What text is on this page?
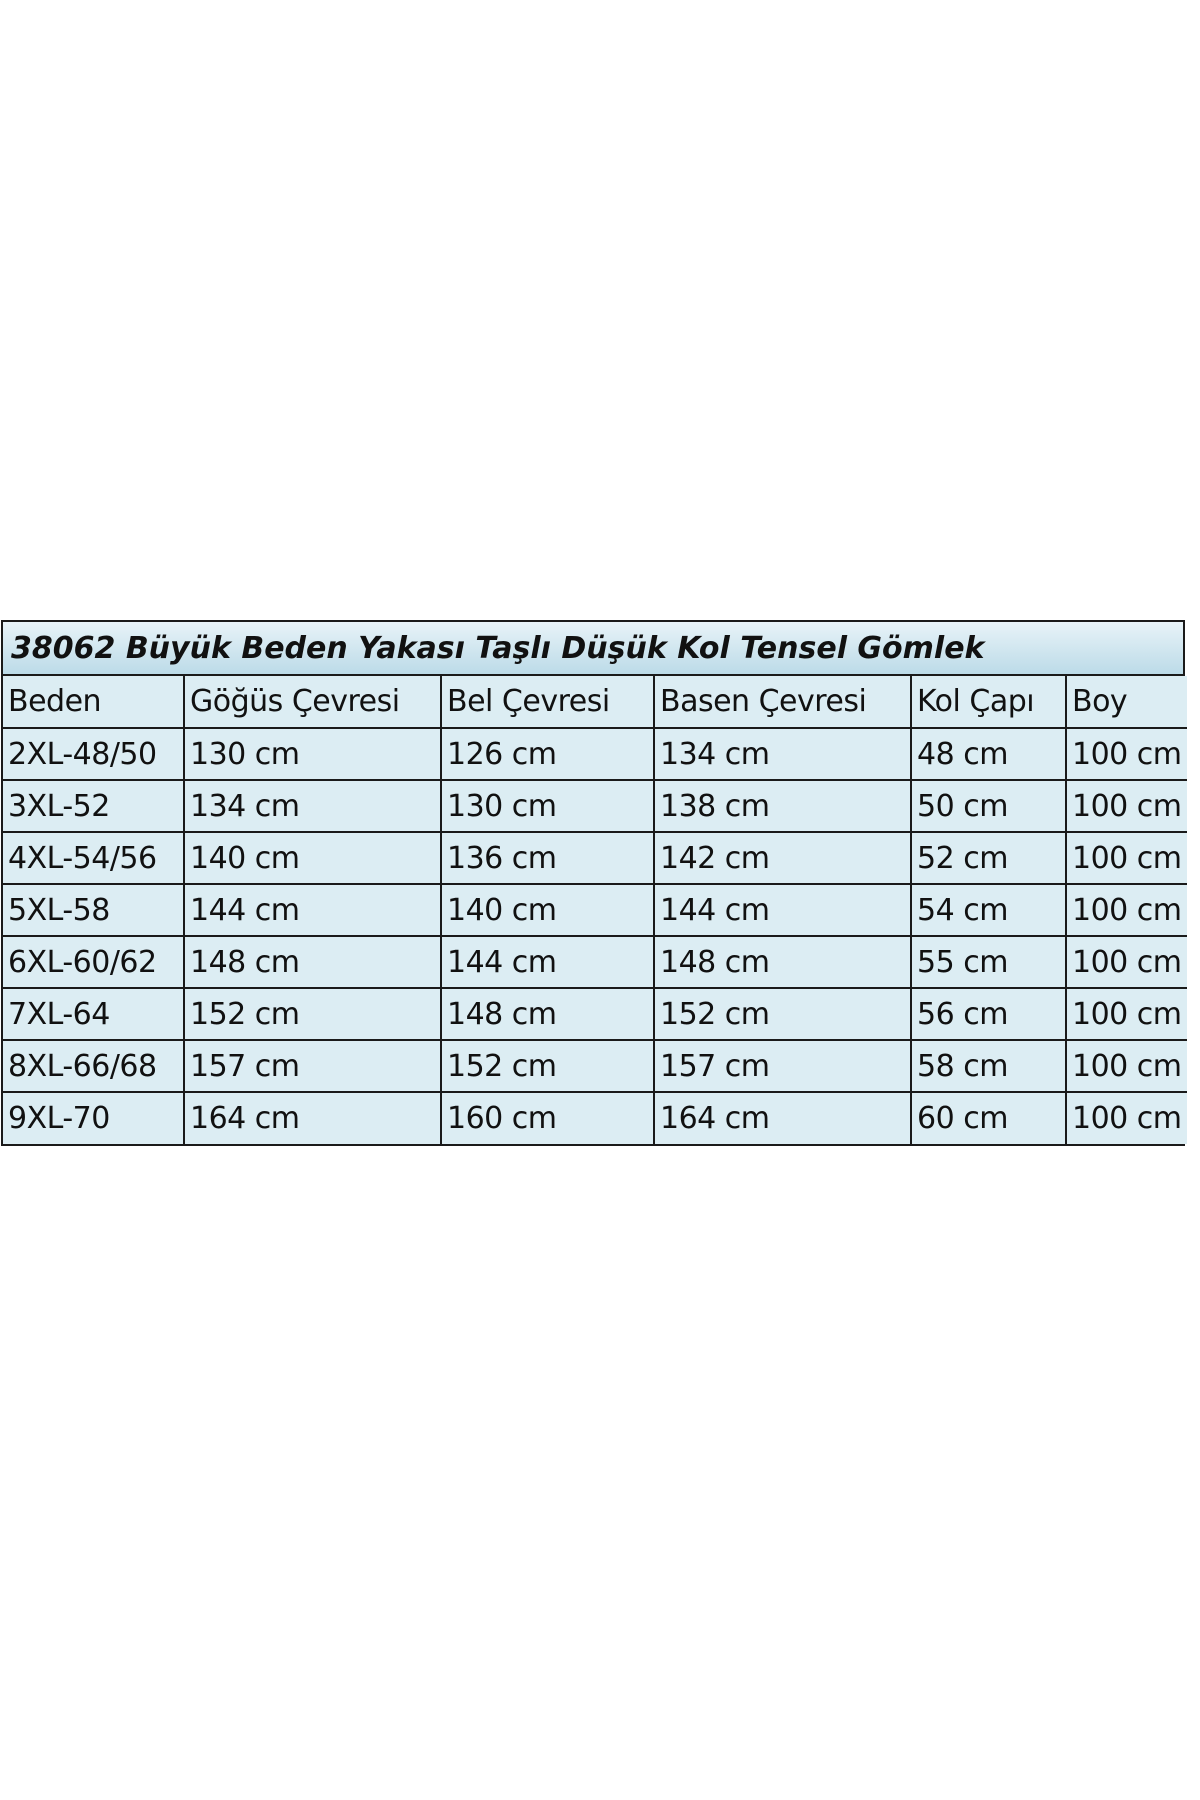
38062 Büyük Beden Yakası Taşlı Düşük Kol Tensel Gömlek
Beden	Göğüs Çevresi	Bel Çevresi	Basen Çevresi	Kol Çapı	Boy
2XL-48/50	130 cm	126 cm	134 cm	48 cm	100 cm
3XL-52	134 cm	130 cm	138 cm	50 cm	100 cm
4XL-54/56	140 cm	136 cm	142 cm	52 cm	100 cm
5XL-58	144 cm	140 cm	144 cm	54 cm	100 cm
6XL-60/62	148 cm	144 cm	148 cm	55 cm	100 cm
7XL-64	152 cm	148 cm	152 cm	56 cm	100 cm
8XL-66/68	157 cm	152 cm	157 cm	58 cm	100 cm
9XL-70	164 cm	160 cm	164 cm	60 cm	100 cm
